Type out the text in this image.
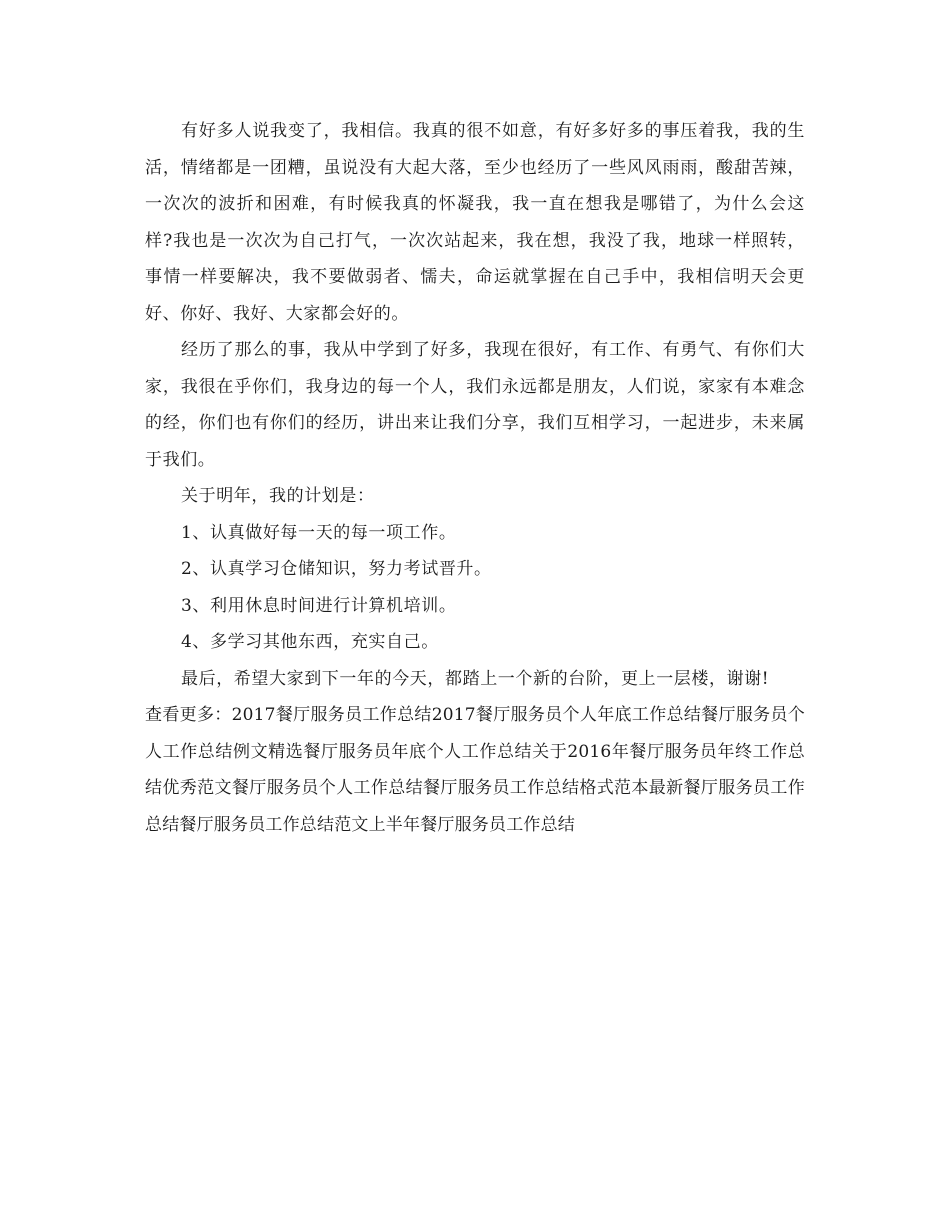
有好多人说我变了，我相信。我真的很不如意，有好多好多的事压着我，我的生活，情绪都是一团糟，虽说没有大起大落，至少也经历了一些风风雨雨，酸甜苦辣，一次次的波折和困难，有时候我真的怀凝我，我一直在想我是哪错了，为什么会这样?我也是一次次为自己打气，一次次站起来，我在想，我没了我，地球一样照转，事情一样要解决，我不要做弱者、懦夫，命运就掌握在自己手中，我相信明天会更好、你好、我好、大家都会好的。

经历了那么的事，我从中学到了好多，我现在很好，有工作、有勇气、有你们大家，我很在乎你们，我身边的每一个人，我们永远都是朋友，人们说，家家有本难念的经，你们也有你们的经历，讲出来让我们分享，我们互相学习，一起进步，未来属于我们。

关于明年，我的计划是：

1、认真做好每一天的每一项工作。

2、认真学习仓储知识，努力考试晋升。

3、利用休息时间进行计算机培训。

4、多学习其他东西，充实自己。

最后，希望大家到下一年的今天，都踏上一个新的台阶，更上一层楼，谢谢!

查看更多：2017餐厅服务员工作总结2017餐厅服务员个人年底工作总结餐厅服务员个人工作总结例文精选餐厅服务员年底个人工作总结关于2016年餐厅服务员年终工作总结优秀范文餐厅服务员个人工作总结餐厅服务员工作总结格式范本最新餐厅服务员工作总结餐厅服务员工作总结范文上半年餐厅服务员工作总结
